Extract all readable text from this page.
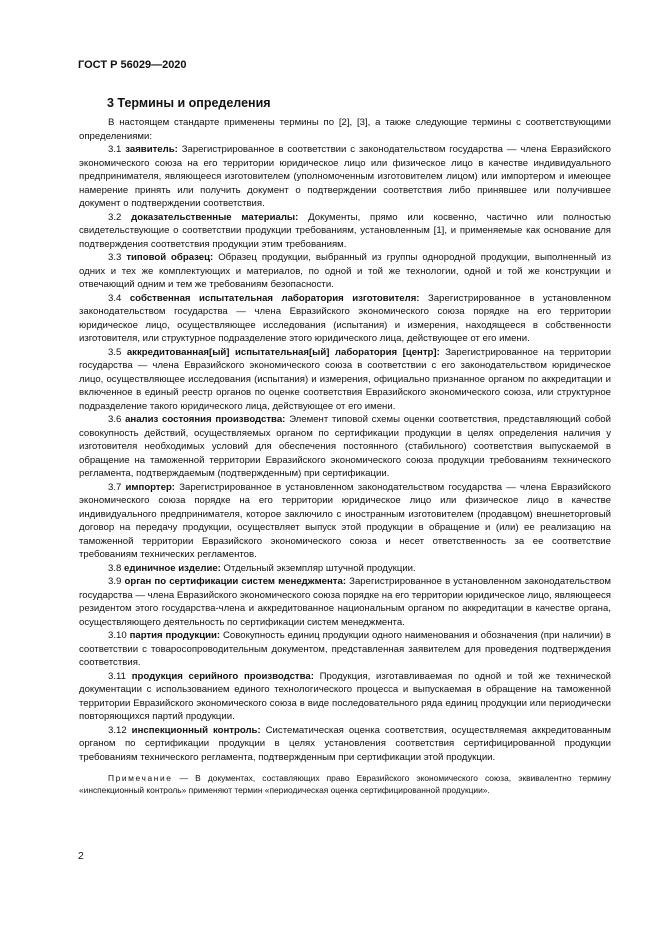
ГОСТ Р 56029—2020
3 Термины и определения

В настоящем стандарте применены термины по [2], [3], а также следующие термины с соответствующими определениями:

3.1 заявитель: Зарегистрированное в соответствии с законодательством государства — члена Евразийского экономического союза на его территории юридическое лицо или физическое лицо в качестве индивидуального предпринимателя, являющееся изготовителем (уполномоченным изготовителем лицом) или импортером и имеющее намерение принять или получить документ о подтверждении соответствия либо принявшее или получившее документ о подтверждении соответствия.

3.2 доказательственные материалы: Документы, прямо или косвенно, частично или полностью свидетельствующие о соответствии продукции требованиям, установленным [1], и применяемые как основание для подтверждения соответствия продукции этим требованиям.

3.3 типовой образец: Образец продукции, выбранный из группы однородной продукции, выполненный из одних и тех же комплектующих и материалов, по одной и той же технологии, одной и той же конструкции и отвечающий одним и тем же требованиям безопасности.

3.4 собственная испытательная лаборатория изготовителя: Зарегистрированное в установленном законодательством государства — члена Евразийского экономического союза порядке на его территории юридическое лицо, осуществляющее исследования (испытания) и измерения, находящееся в собственности изготовителя, или структурное подразделение этого юридического лица, действующее от его имени.

3.5 аккредитованная[ый] испытательная[ый] лаборатория [центр]: Зарегистрированное на территории государства — члена Евразийского экономического союза в соответствии с его законодательством юридическое лицо, осуществляющее исследования (испытания) и измерения, официально признанное органом по аккредитации и включенное в единый реестр органов по оценке соответствия Евразийского экономического союза, или структурное подразделение такого юридического лица, действующее от его имени.

3.6 анализ состояния производства: Элемент типовой схемы оценки соответствия, представляющий собой совокупность действий, осуществляемых органом по сертификации продукции в целях определения наличия у изготовителя необходимых условий для обеспечения постоянного (стабильного) соответствия выпускаемой в обращение на таможенной территории Евразийского экономического союза продукции требованиям технического регламента, подтверждаемым (подтвержденным) при сертификации.

3.7 импортер: Зарегистрированное в установленном законодательством государства — члена Евразийского экономического союза порядке на его территории юридическое лицо или физическое лицо в качестве индивидуального предпринимателя, которое заключило с иностранным изготовителем (продавцом) внешнеторговый договор на передачу продукции, осуществляет выпуск этой продукции в обращение и (или) ее реализацию на таможенной территории Евразийского экономического союза и несет ответственность за ее соответствие требованиям технических регламентов.

3.8 единичное изделие: Отдельный экземпляр штучной продукции.

3.9 орган по сертификации систем менеджмента: Зарегистрированное в установленном законодательством государства — члена Евразийского экономического союза порядке на его территории юридическое лицо, являющееся резидентом этого государства-члена и аккредитованное национальным органом по аккредитации в качестве органа, осуществляющего деятельность по сертификации систем менеджмента.

3.10 партия продукции: Совокупность единиц продукции одного наименования и обозначения (при наличии) в соответствии с товаросопроводительным документом, представленная заявителем для проведения подтверждения соответствия.

3.11 продукция серийного производства: Продукция, изготавливаемая по одной и той же технической документации с использованием единого технологического процесса и выпускаемая в обращение на таможенной территории Евразийского экономического союза в виде последовательного ряда единиц продукции или периодически повторяющихся партий продукции.

3.12 инспекционный контроль: Систематическая оценка соответствия, осуществляемая аккредитованным органом по сертификации продукции в целях установления соответствия сертифицированной продукции требованиям технического регламента, подтвержденным при сертификации этой продукции.

Примечание — В документах, составляющих право Евразийского экономического союза, эквивалентно термину «инспекционный контроль» применяют термин «периодическая оценка сертифицированной продукции».

2
